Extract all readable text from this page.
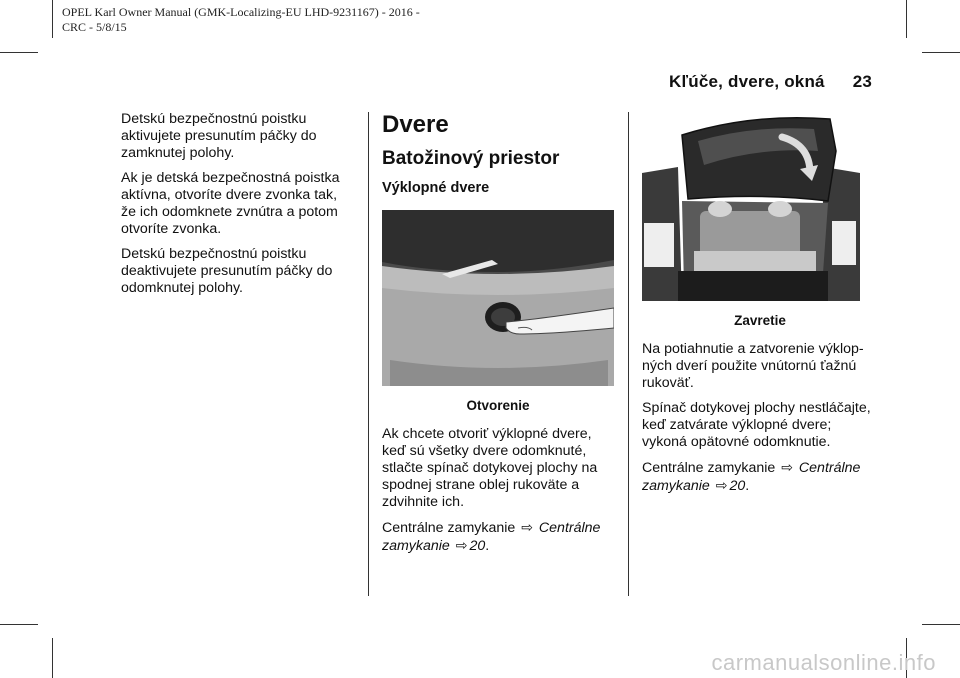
OPEL Karl Owner Manual (GMK-Localizing-EU LHD-9231167) - 2016 -
CRC - 5/8/15
Kľúče, dvere, okná 23

Detskú bezpečnostnú poistku aktivujete presunutím páčky do zamknutej polohy.

Ak je detská bezpečnostná poistka aktívna, otvoríte dvere zvonka tak, že ich odomknete zvnútra a potom otvoríte zvonka.

Detskú bezpečnostnú poistku deaktivujete presunutím páčky do odomknutej polohy.

Dvere
Batožinový priestor
Výklopné dvere
Otvorenie

Ak chcete otvoriť výklopné dvere, keď sú všetky dvere odomknuté, stlačte spínač dotykovej plochy na spodnej strane oblej rukoväte a zdvihnite ich.

Centrálne zamykanie ⇨ Centrálne zamykanie ⇨ 20.

Zavretie

Na potiahnutie a zatvorenie výklop-ných dverí použite vnútornú ťažnú rukoväť.

Spínač dotykovej plochy nestláčajte, keď zatvárate výklopné dvere; vykoná opätovné odomknutie.

Centrálne zamykanie ⇨ Centrálne zamykanie ⇨ 20.

carmanualsonline.info
